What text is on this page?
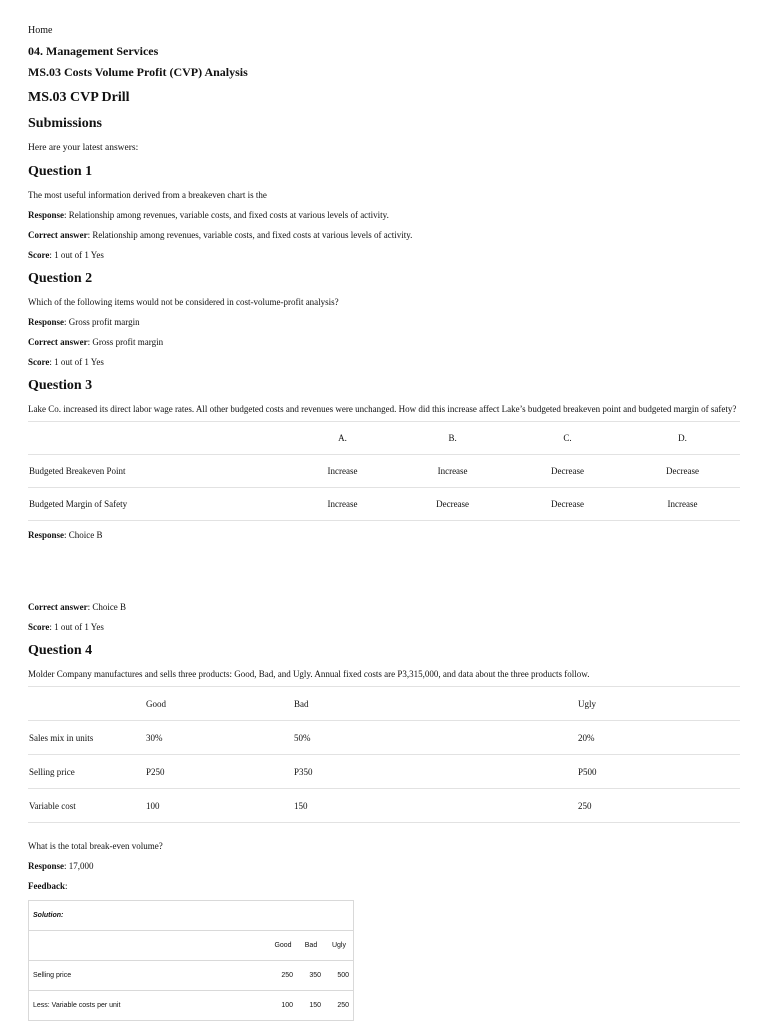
Home
04. Management Services
MS.03 Costs Volume Profit (CVP) Analysis
MS.03 CVP Drill
Submissions

Here are your latest answers:

Question 1
The most useful information derived from a breakeven chart is the
Response: Relationship among revenues, variable costs, and fixed costs at various levels of activity.
Correct answer: Relationship among revenues, variable costs, and fixed costs at various levels of activity.
Score: 1 out of 1 Yes
Question 2
Which of the following items would not be considered in cost-volume-profit analysis?
Response: Gross profit margin
Correct answer: Gross profit margin
Score: 1 out of 1 Yes
Question 3
Lake Co. increased its direct labor wage rates. All other budgeted costs and revenues were unchanged. How did this increase affect Lake’s budgeted breakeven point and budgeted margin of safety?
	A.	B.	C.	D.
Budgeted Breakeven Point	Increase	Increase	Decrease	Decrease
Budgeted Margin of Safety	Increase	Decrease	Decrease	Increase
Response: Choice B
Correct answer: Choice B
Score: 1 out of 1 Yes
Question 4
Molder Company manufactures and sells three products: Good, Bad, and Ugly. Annual fixed costs are P3,315,000, and data about the three products follow.
	Good	Bad	Ugly
Sales mix in units	30%	50%	20%
Selling price	P250	P350	P500
Variable cost	100	150	250
What is the total break-even volume?
Response: 17,000
Feedback:
Solution:			
	Good	Bad	Ugly
Selling price	250	350	500
Less: Variable costs per unit	100	150	250
